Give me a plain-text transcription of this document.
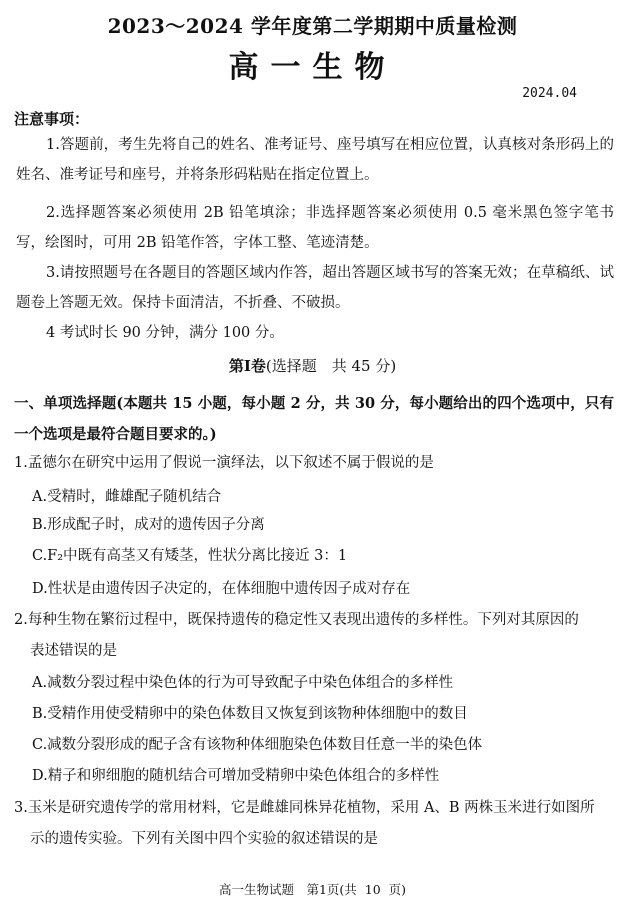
2023～2024 学年度第二学期期中质量检测
高一生物
2024.04
注意事项：

1.答题前，考生先将自己的姓名、准考证号、座号填写在相应位置，认真核对条形码上的姓名、准考证号和座号，并将条形码粘贴在指定位置上。

2.选择题答案必须使用 2B 铅笔填涂；非选择题答案必须使用 0.5 毫米黑色签字笔书写，绘图时，可用 2B 铅笔作答，字体工整、笔迹清楚。

3.请按照题号在各题目的答题区域内作答，超出答题区域书写的答案无效；在草稿纸、试题卷上答题无效。保持卡面清洁，不折叠、不破损。

4 考试时长 90 分钟，满分 100 分。

第Ⅰ卷(选择题　共 45 分)

一、单项选择题(本题共 15 小题，每小题 2 分，共 30 分，每小题给出的四个选项中，只有一个选项是最符合题目要求的。)

1.孟德尔在研究中运用了假说一演绎法，以下叙述不属于假说的是

A.受精时，雌雄配子随机结合
B.形成配子时，成对的遗传因子分离
C.F₂中既有高茎又有矮茎，性状分离比接近 3：1
D.性状是由遗传因子决定的，在体细胞中遗传因子成对存在

2.每种生物在繁衍过程中，既保持遗传的稳定性又表现出遗传的多样性。下列对其原因的
表述错误的是

A.减数分裂过程中染色体的行为可导致配子中染色体组合的多样性
B.受精作用使受精卵中的染色体数目又恢复到该物种体细胞中的数目
C.减数分裂形成的配子含有该物种体细胞染色体数目任意一半的染色体
D.精子和卵细胞的随机结合可增加受精卵中染色体组合的多样性

3.玉米是研究遗传学的常用材料，它是雌雄同株异花植物，采用 A、B 两株玉米进行如图所
示的遗传实验。下列有关图中四个实验的叙述错误的是

高一生物试题　第1页(共 10 页)
